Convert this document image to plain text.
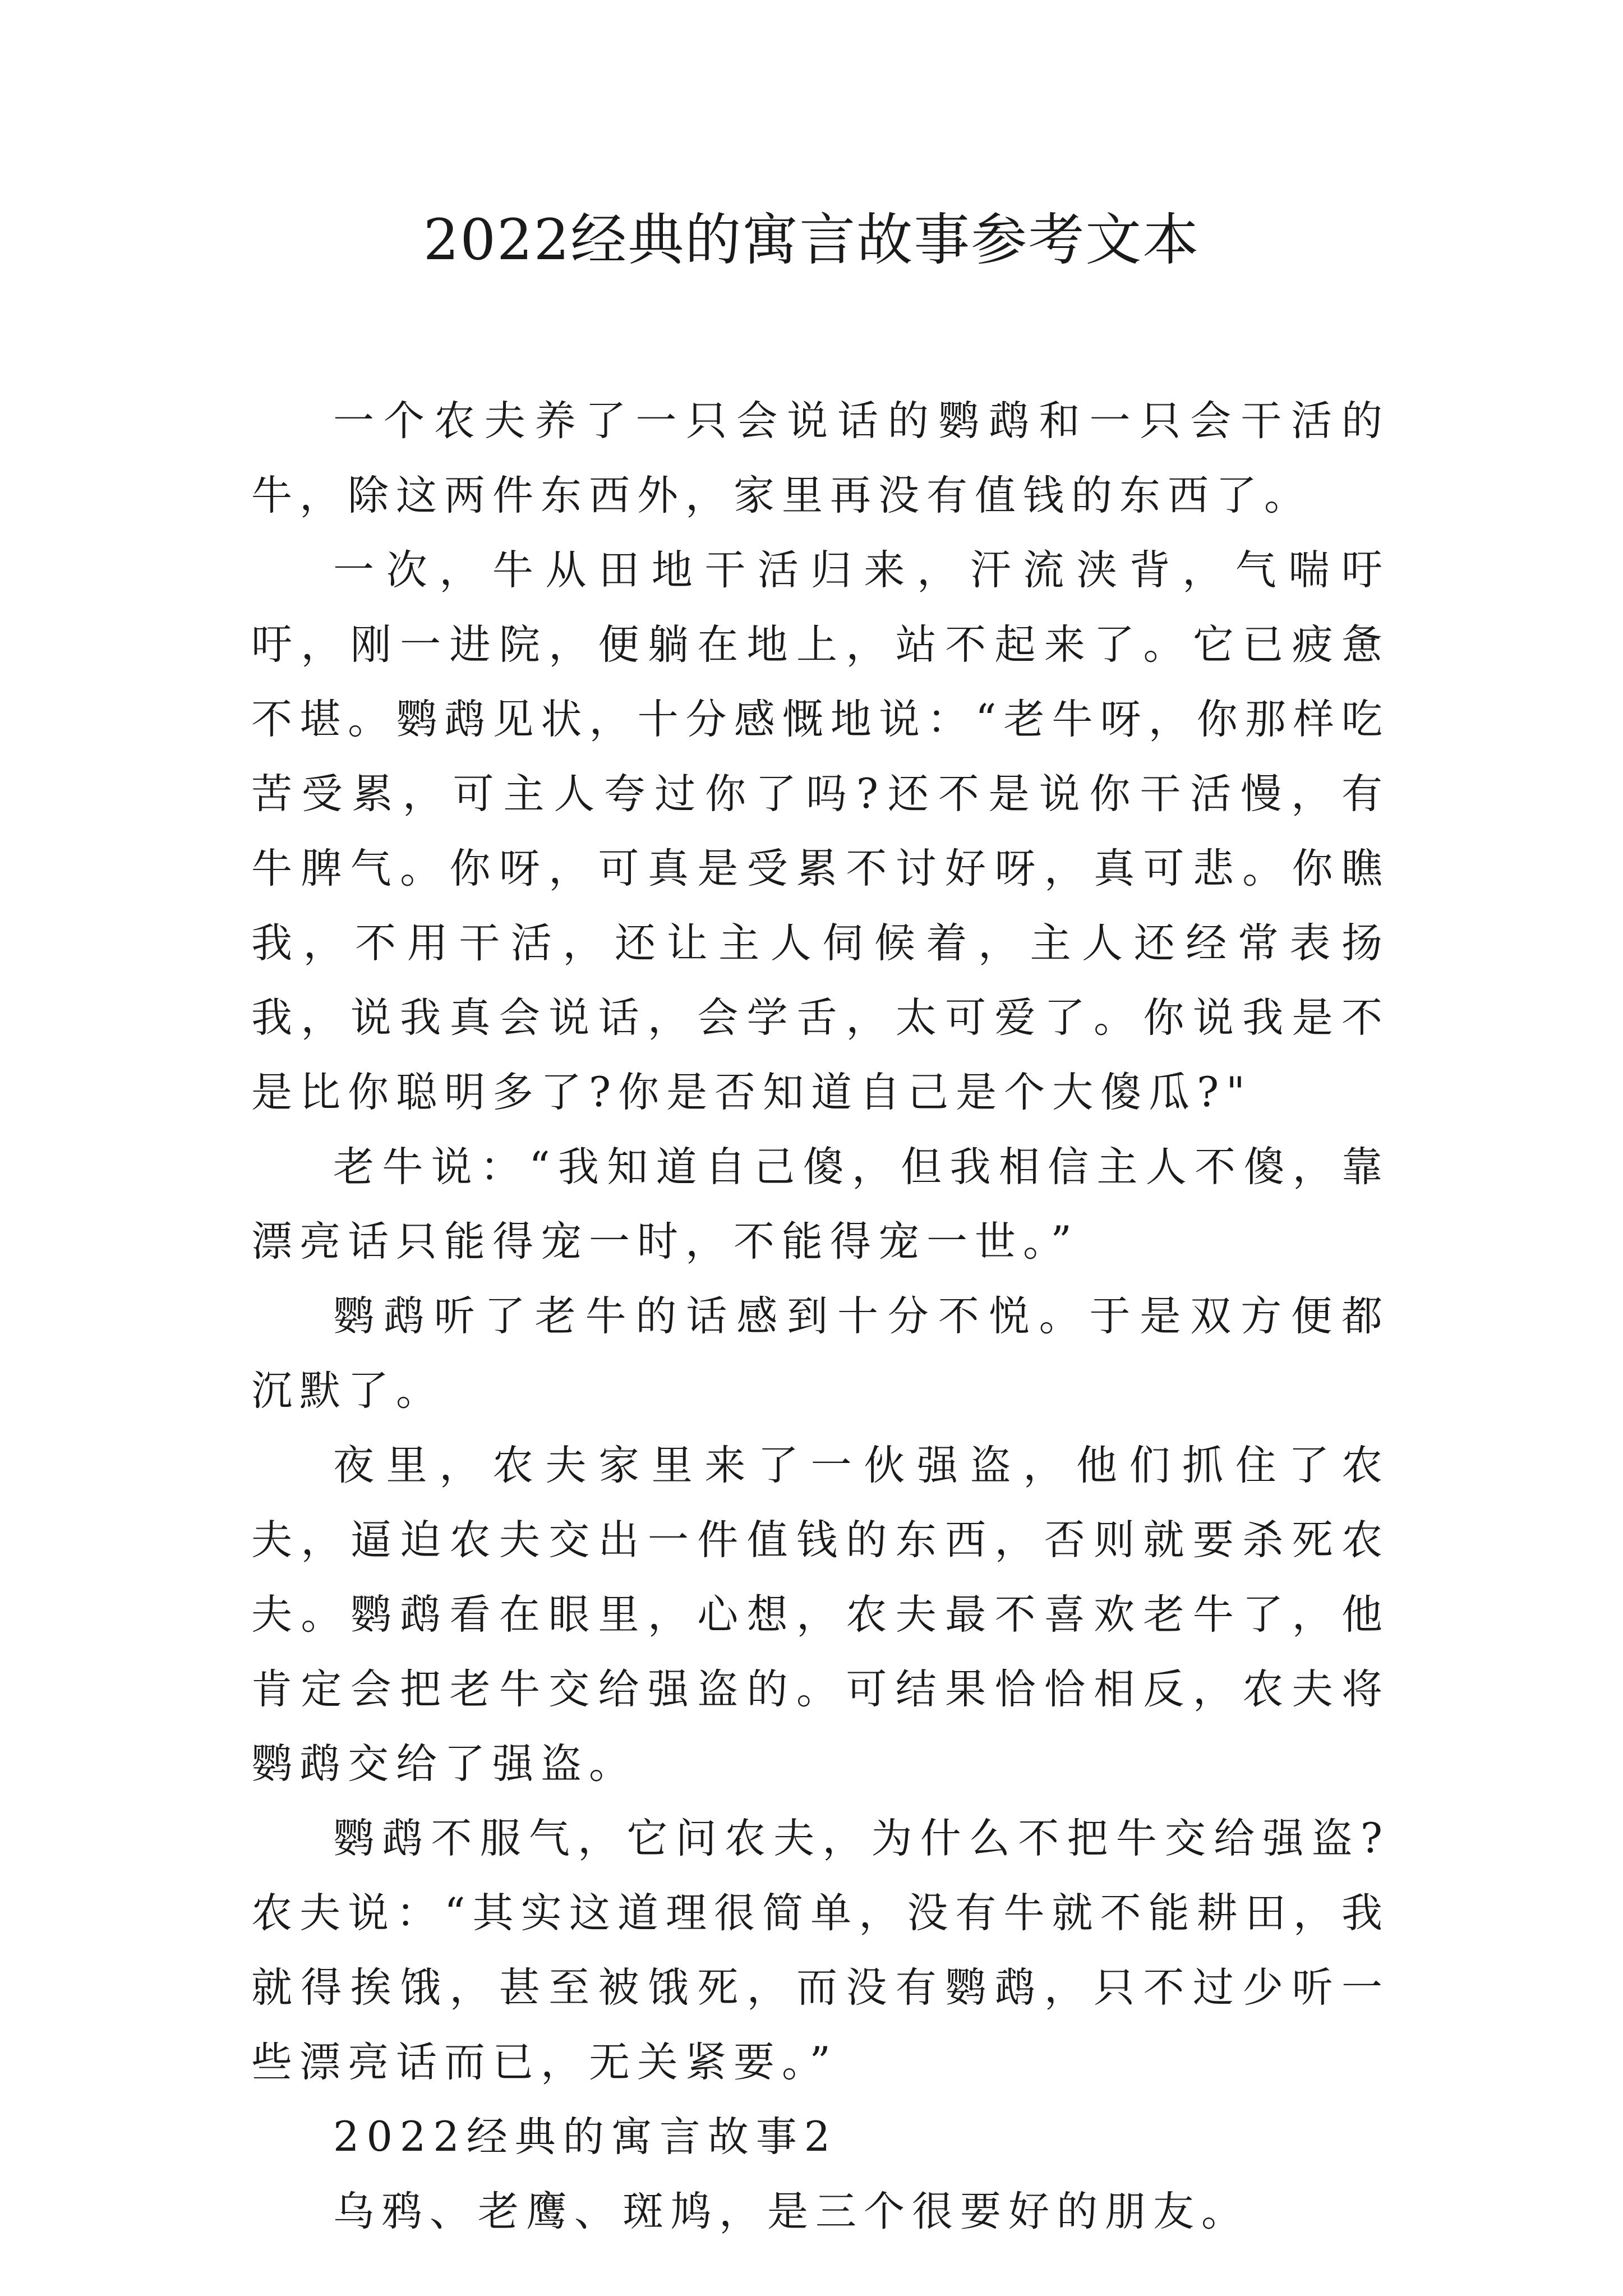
2022经典的寓言故事参考文本

一个农夫养了一只会说话的鹦鹉和一只会干活的牛，除这两件东西外，家里再没有值钱的东西了。

一次，牛从田地干活归来，汗流浃背，气喘吁吁，刚一进院，便躺在地上，站不起来了。它已疲惫不堪。鹦鹉见状，十分感慨地说：“老牛呀，你那样吃苦受累，可主人夸过你了吗?还不是说你干活慢，有牛脾气。你呀，可真是受累不讨好呀，真可悲。你瞧我，不用干活，还让主人伺候着，主人还经常表扬我，说我真会说话，会学舌，太可爱了。你说我是不是比你聪明多了?你是否知道自己是个大傻瓜?"

老牛说：“我知道自己傻，但我相信主人不傻，靠漂亮话只能得宠一时，不能得宠一世。”

鹦鹉听了老牛的话感到十分不悦。于是双方便都沉默了。

夜里，农夫家里来了一伙强盗，他们抓住了农夫，逼迫农夫交出一件值钱的东西，否则就要杀死农夫。鹦鹉看在眼里，心想，农夫最不喜欢老牛了，他肯定会把老牛交给强盗的。可结果恰恰相反，农夫将鹦鹉交给了强盗。

鹦鹉不服气，它问农夫，为什么不把牛交给强盗?农夫说：“其实这道理很简单，没有牛就不能耕田，我就得挨饿，甚至被饿死，而没有鹦鹉，只不过少听一些漂亮话而已，无关紧要。”

2022经典的寓言故事2

乌鸦、老鹰、斑鸠，是三个很要好的朋友。
